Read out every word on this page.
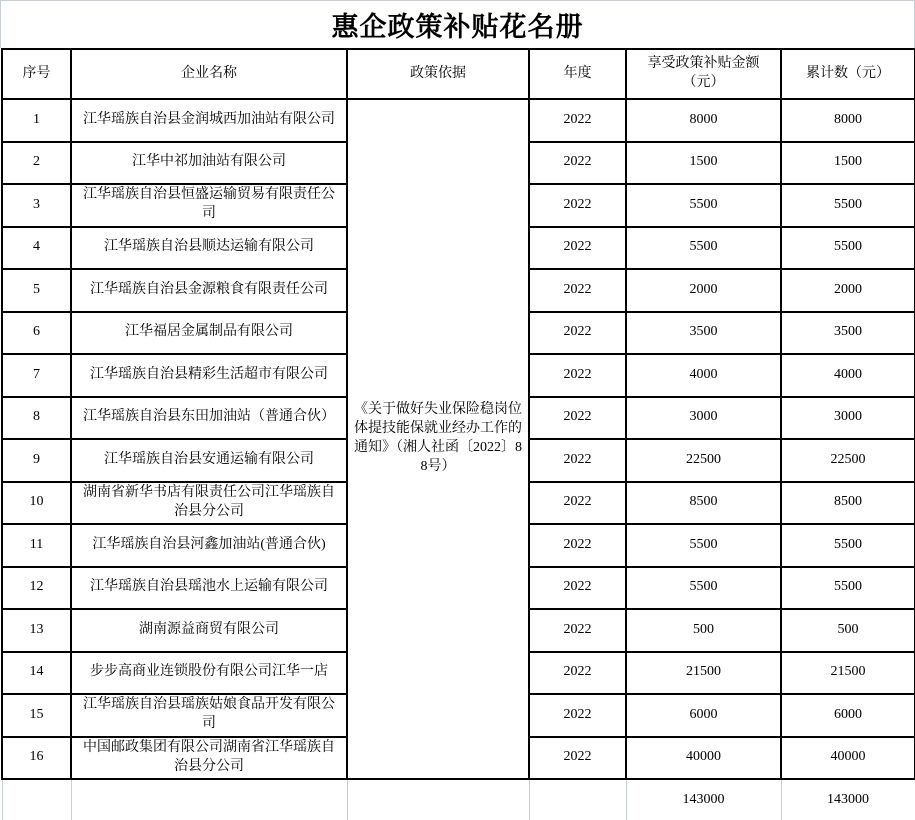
惠企政策补贴花名册
序号	企业名称	政策依据	年度	享受政策补贴金额（元）	累计数（元）
1	江华瑶族自治县金润城西加油站有限公司	《关于做好失业保险稳岗位体提技能保就业经办工作的通知》（湘人社函〔2022〕88号）	2022	8000	8000
2	江华中祁加油站有限公司		2022	1500	1500
3	江华瑶族自治县恒盛运输贸易有限责任公司		2022	5500	5500
4	江华瑶族自治县顺达运输有限公司		2022	5500	5500
5	江华瑶族自治县金源粮食有限责任公司		2022	2000	2000
6	江华福居金属制品有限公司		2022	3500	3500
7	江华瑶族自治县精彩生活超市有限公司		2022	4000	4000
8	江华瑶族自治县东田加油站（普通合伙）		2022	3000	3000
9	江华瑶族自治县安通运输有限公司		2022	22500	22500
10	湖南省新华书店有限责任公司江华瑶族自治县分公司		2022	8500	8500
11	江华瑶族自治县河鑫加油站(普通合伙)		2022	5500	5500
12	江华瑶族自治县瑶池水上运输有限公司		2022	5500	5500
13	湖南源益商贸有限公司		2022	500	500
14	步步高商业连锁股份有限公司江华一店		2022	21500	21500
15	江华瑶族自治县瑶族姑娘食品开发有限公司		2022	6000	6000
16	中国邮政集团有限公司湖南省江华瑶族自治县分公司		2022	40000	40000
				143000	143000
